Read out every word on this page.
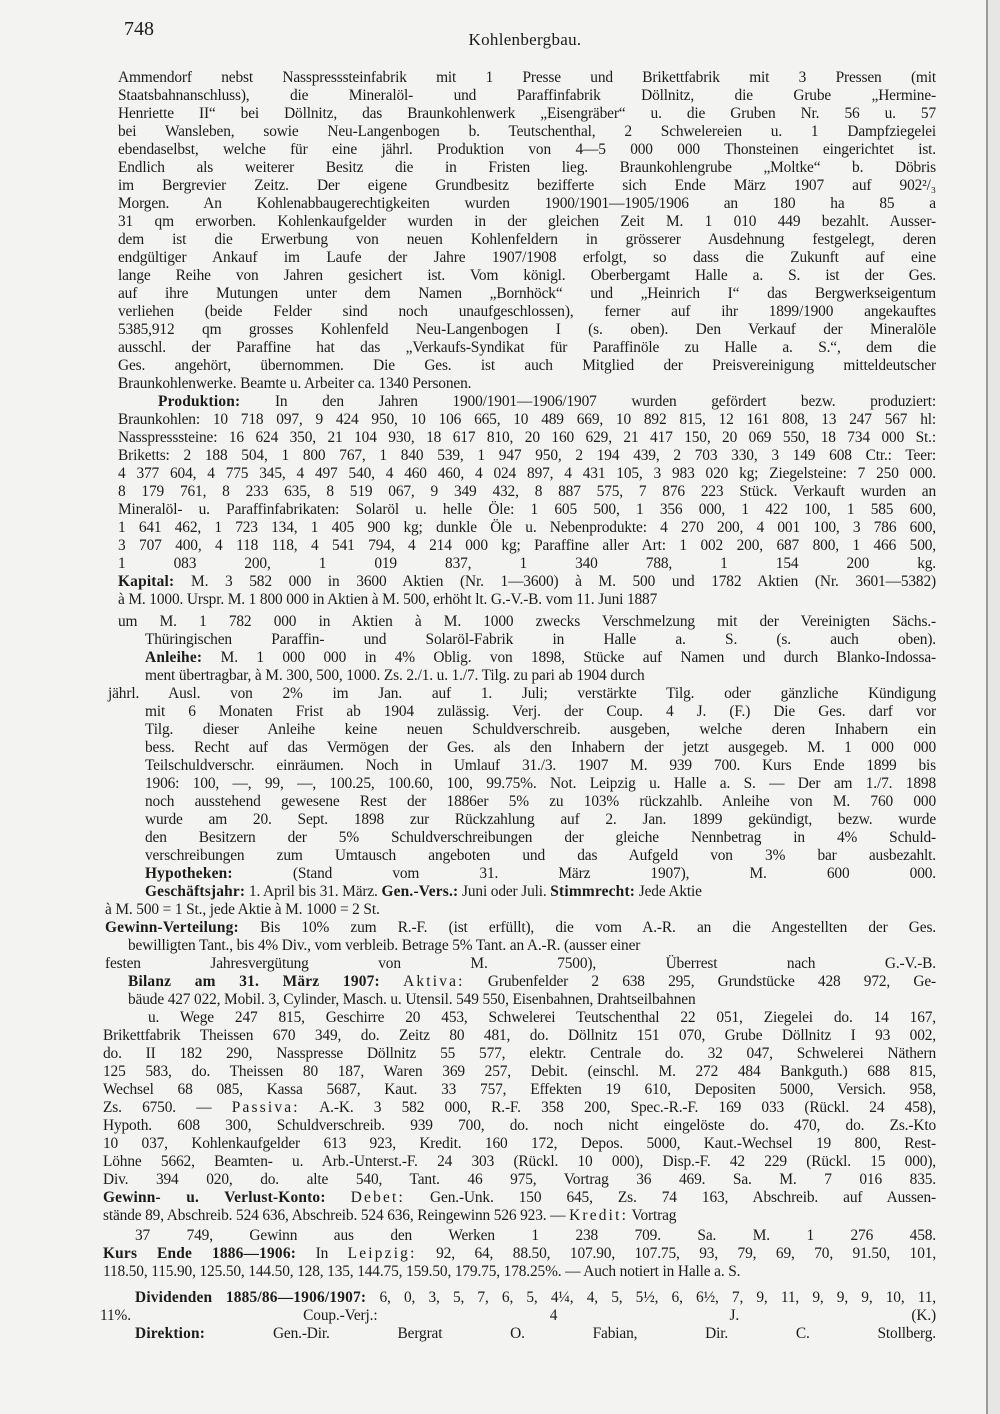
748	Kohlenbergbau.
Ammendorf nebst Nasspresssteinfabrik mit 1 Presse und Brikettfabrik mit 3 Pressen (mit
Staatsbahnanschluss), die Mineralöl- und Paraffinfabrik Döllnitz, die Grube „Hermine-
Henriette II“ bei Döllnitz, das Braunkohlenwerk „Eisengräber“ u. die Gruben Nr. 56 u. 57
bei Wansleben, sowie Neu-Langenbogen b. Teutschenthal, 2 Schwelereien u. 1 Dampfziegelei
ebendaselbst, welche für eine jährl. Produktion von 4—5 000 000 Thonsteinen eingerichtet ist.
Endlich als weiterer Besitz die in Fristen lieg. Braunkohlengrube „Moltke“ b. Döbris
im Bergrevier Zeitz. Der eigene Grundbesitz bezifferte sich Ende März 1907 auf 902²/₃
Morgen. An Kohlenabbaugerechtigkeiten wurden 1900/1901—1905/1906 an 180 ha 85 a
31 qm erworben. Kohlenkaufgelder wurden in der gleichen Zeit M. 1 010 449 bezahlt. Ausser-
dem ist die Erwerbung von neuen Kohlenfeldern in grösserer Ausdehnung festgelegt, deren
endgültiger Ankauf im Laufe der Jahre 1907/1908 erfolgt, so dass die Zukunft auf eine
lange Reihe von Jahren gesichert ist. Vom königl. Oberbergamt Halle a. S. ist der Ges.
auf ihre Mutungen unter dem Namen „Bornhöck“ und „Heinrich I“ das Bergwerkseigentum
verliehen (beide Felder sind noch unaufgeschlossen), ferner auf ihr 1899/1900 angekauftes
5385,912 qm grosses Kohlenfeld Neu-Langenbogen I (s. oben). Den Verkauf der Mineralöle
ausschl. der Paraffine hat das „Verkaufs-Syndikat für Paraffinöle zu Halle a. S.“, dem die
Ges. angehört, übernommen. Die Ges. ist auch Mitglied der Preisvereinigung mitteldeutscher
Braunkohlenwerke. Beamte u. Arbeiter ca. 1340 Personen.
Produktion: In den Jahren 1900/1901—1906/1907 wurden gefördert bezw. produziert:
Braunkohlen: 10 718 097, 9 424 950, 10 106 665, 10 489 669, 10 892 815, 12 161 808, 13 247 567 hl:
Nasspresssteine: 16 624 350, 21 104 930, 18 617 810, 20 160 629, 21 417 150, 20 069 550, 18 734 000 St.:
Briketts: 2 188 504, 1 800 767, 1 840 539, 1 947 950, 2 194 439, 2 703 330, 3 149 608 Ctr.: Teer:
4 377 604, 4 775 345, 4 497 540, 4 460 460, 4 024 897, 4 431 105, 3 983 020 kg; Ziegelsteine: 7 250 000.
8 179 761, 8 233 635, 8 519 067, 9 349 432, 8 887 575, 7 876 223 Stück. Verkauft wurden an
Mineralöl- u. Paraffinfabrikaten: Solaröl u. helle Öle: 1 605 500, 1 356 000, 1 422 100, 1 585 600,
1 641 462, 1 723 134, 1 405 900 kg; dunkle Öle u. Nebenprodukte: 4 270 200, 4 001 100, 3 786 600,
3 707 400, 4 118 118, 4 541 794, 4 214 000 kg; Paraffine aller Art: 1 002 200, 687 800, 1 466 500,
1 083 200, 1 019 837, 1 340 788, 1 154 200 kg.
Kapital: M. 3 582 000 in 3600 Aktien (Nr. 1—3600) à M. 500 und 1782 Aktien (Nr. 3601—5382)
à M. 1000. Urspr. M. 1 800 000 in Aktien à M. 500, erhöht lt. G.-V.-B. vom 11. Juni 1887
um M. 1 782 000 in Aktien à M. 1000 zwecks Verschmelzung mit der Vereinigten Sächs.-
Thüringischen Paraffin- und Solaröl-Fabrik in Halle a. S. (s. auch oben).
Anleihe: M. 1 000 000 in 4% Oblig. von 1898, Stücke auf Namen und durch Blanko-Indossa-
ment übertragbar, à M. 300, 500, 1000. Zs. 2./1. u. 1./7. Tilg. zu pari ab 1904 durch
jährl. Ausl. von 2% im Jan. auf 1. Juli; verstärkte Tilg. oder gänzliche Kündigung
mit 6 Monaten Frist ab 1904 zulässig. Verj. der Coup. 4 J. (F.) Die Ges. darf vor
Tilg. dieser Anleihe keine neuen Schuldverschreib. ausgeben, welche deren Inhabern ein
bess. Recht auf das Vermögen der Ges. als den Inhabern der jetzt ausgegeb. M. 1 000 000
Teilschuldverschr. einräumen. Noch in Umlauf 31./3. 1907 M. 939 700. Kurs Ende 1899 bis
1906: 100, —, 99, —, 100.25, 100.60, 100, 99.75%. Not. Leipzig u. Halle a. S. — Der am 1./7. 1898
noch ausstehend gewesene Rest der 1886er 5% zu 103% rückzahlb. Anleihe von M. 760 000
wurde am 20. Sept. 1898 zur Rückzahlung auf 2. Jan. 1899 gekündigt, bezw. wurde
den Besitzern der 5% Schuldverschreibungen der gleiche Nennbetrag in 4% Schuld-
verschreibungen zum Umtausch angeboten und das Aufgeld von 3% bar ausbezahlt.
Hypotheken: (Stand vom 31. März 1907), M. 600 000.
Geschäftsjahr: 1. April bis 31. März. Gen.-Vers.: Juni oder Juli. Stimmrecht: Jede Aktie
à M. 500 = 1 St., jede Aktie à M. 1000 = 2 St.
Gewinn-Verteilung: Bis 10% zum R.-F. (ist erfüllt), die vom A.-R. an die Angestellten der Ges.
bewilligten Tant., bis 4% Div., vom verbleib. Betrage 5% Tant. an A.-R. (ausser einer
festen Jahresvergütung von M. 7500), Überrest nach G.-V.-B.
Bilanz am 31. März 1907: Aktiva: Grubenfelder 2 638 295, Grundstücke 428 972, Ge-
bäude 427 022, Mobil. 3, Cylinder, Masch. u. Utensil. 549 550, Eisenbahnen, Drahtseilbahnen
u. Wege 247 815, Geschirre 20 453, Schwelerei Teutschenthal 22 051, Ziegelei do. 14 167,
Brikettfabrik Theissen 670 349, do. Zeitz 80 481, do. Döllnitz 151 070, Grube Döllnitz I 93 002,
do. II 182 290, Nasspresse Döllnitz 55 577, elektr. Centrale do. 32 047, Schwelerei Näthern
125 583, do. Theissen 80 187, Waren 369 257, Debit. (einschl. M. 272 484 Bankguth.) 688 815,
Wechsel 68 085, Kassa 5687, Kaut. 33 757, Effekten 19 610, Depositen 5000, Versich. 958,
Zs. 6750. — Passiva: A.-K. 3 582 000, R.-F. 358 200, Spec.-R.-F. 169 033 (Rückl. 24 458),
Hypoth. 608 300, Schuldverschreib. 939 700, do. noch nicht eingelöste do. 470, do. Zs.-Kto
10 037, Kohlenkaufgelder 613 923, Kredit. 160 172, Depos. 5000, Kaut.-Wechsel 19 800, Rest-
Löhne 5662, Beamten- u. Arb.-Unterst.-F. 24 303 (Rückl. 10 000), Disp.-F. 42 229 (Rückl. 15 000),
Div. 394 020, do. alte 540, Tant. 46 975, Vortrag 36 469. Sa. M. 7 016 835.
Gewinn- u. Verlust-Konto: Debet: Gen.-Unk. 150 645, Zs. 74 163, Abschreib. auf Aussen-
stände 89, Abschreib. 524 636, Abschreib. 524 636, Reingewinn 526 923. — Kredit: Vortrag
37 749, Gewinn aus den Werken 1 238 709. Sa. M. 1 276 458.
Kurs Ende 1886—1906: In Leipzig: 92, 64, 88.50, 107.90, 107.75, 93, 79, 69, 70, 91.50, 101,
118.50, 115.90, 125.50, 144.50, 128, 135, 144.75, 159.50, 179.75, 178.25%. — Auch notiert in Halle a. S.
Dividenden 1885/86—1906/1907: 6, 0, 3, 5, 7, 6, 5, 4¼, 4, 5, 5½, 6, 6½, 7, 9, 11, 9, 9, 9, 10, 11,
11%. Coup.-Verj.: 4 J. (K.)
Direktion: Gen.-Dir. Bergrat O. Fabian, Dir. C. Stollberg.
